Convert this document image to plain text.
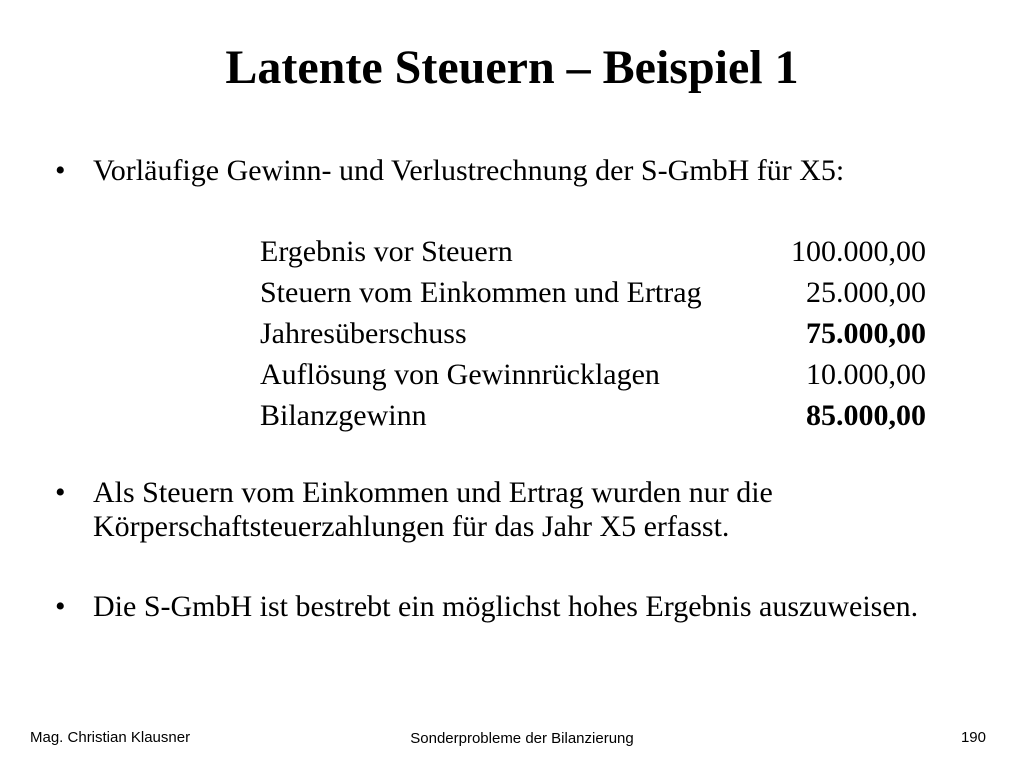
Latente Steuern – Beispiel 1
• Vorläufige Gewinn- und Verlustrechnung der S-GmbH für X5:
Ergebnis vor Steuern	100.000,00
Steuern vom Einkommen und Ertrag	25.000,00
Jahresüberschuss	75.000,00
Auflösung von Gewinnrücklagen	10.000,00
Bilanzgewinn	85.000,00
• Als Steuern vom Einkommen und Ertrag wurden nur die Körperschaftsteuerzahlungen für das Jahr X5 erfasst.
• Die S-GmbH ist bestrebt ein möglichst hohes Ergebnis auszuweisen.
Mag. Christian Klausner	Sonderprobleme der Bilanzierung	190
